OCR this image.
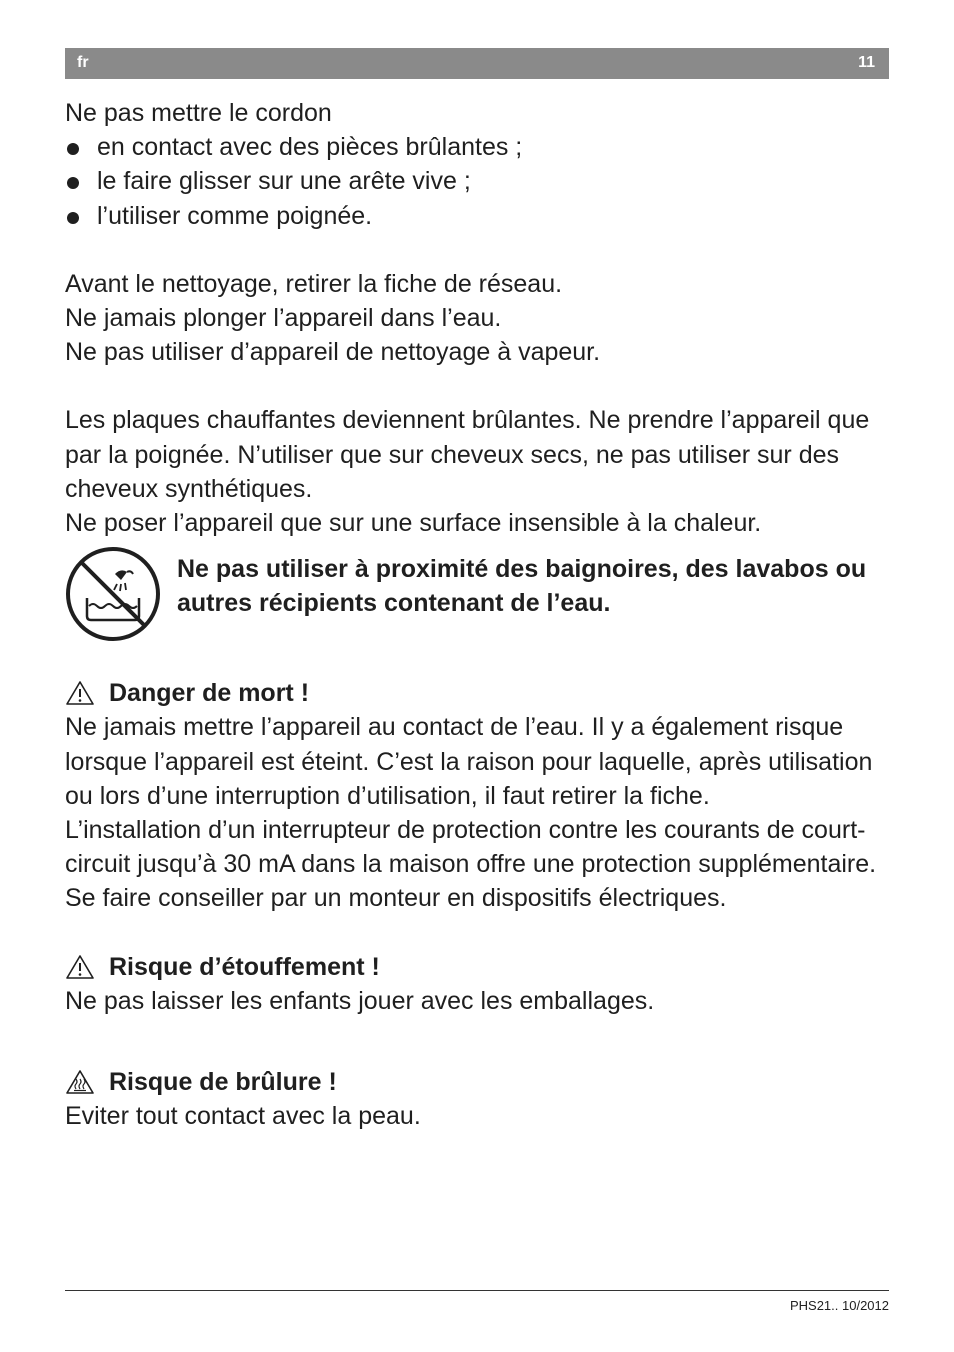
fr	11

Ne pas mettre le cordon

en contact avec des pièces brûlantes ;
le faire glisser sur une arête vive ;
l’utiliser comme poignée.

Avant le nettoyage, retirer la fiche de réseau.

Ne jamais plonger l’appareil dans l’eau.

Ne pas utiliser d’appareil de nettoyage à vapeur.

Les plaques chauffantes deviennent brûlantes. Ne prendre l’appareil que par la poignée. N’utiliser que sur cheveux secs, ne pas utiliser sur des cheveux synthétiques.

Ne poser l’appareil que sur une surface insensible à la chaleur.

Ne pas utiliser à proximité des baignoires, des lavabos ou autres récipients contenant de l’eau.
Danger de mort !

Ne jamais mettre l’appareil au contact de l’eau. Il y a également risque lorsque l’appareil est éteint. C’est la raison pour laquelle, après utilisation ou lors d’une interruption d’utilisation, il faut retirer la fiche.

L’installation d’un interrupteur de protection contre les courants de court-circuit jusqu’à 30 mA dans la maison offre une protection supplémentaire. Se faire conseiller par un monteur en dispositifs électriques.

Risque d’étouffement !

Ne pas laisser les enfants jouer avec les emballages.

Risque de brûlure !

Eviter tout contact avec la peau.

PHS21.. 10/2012
